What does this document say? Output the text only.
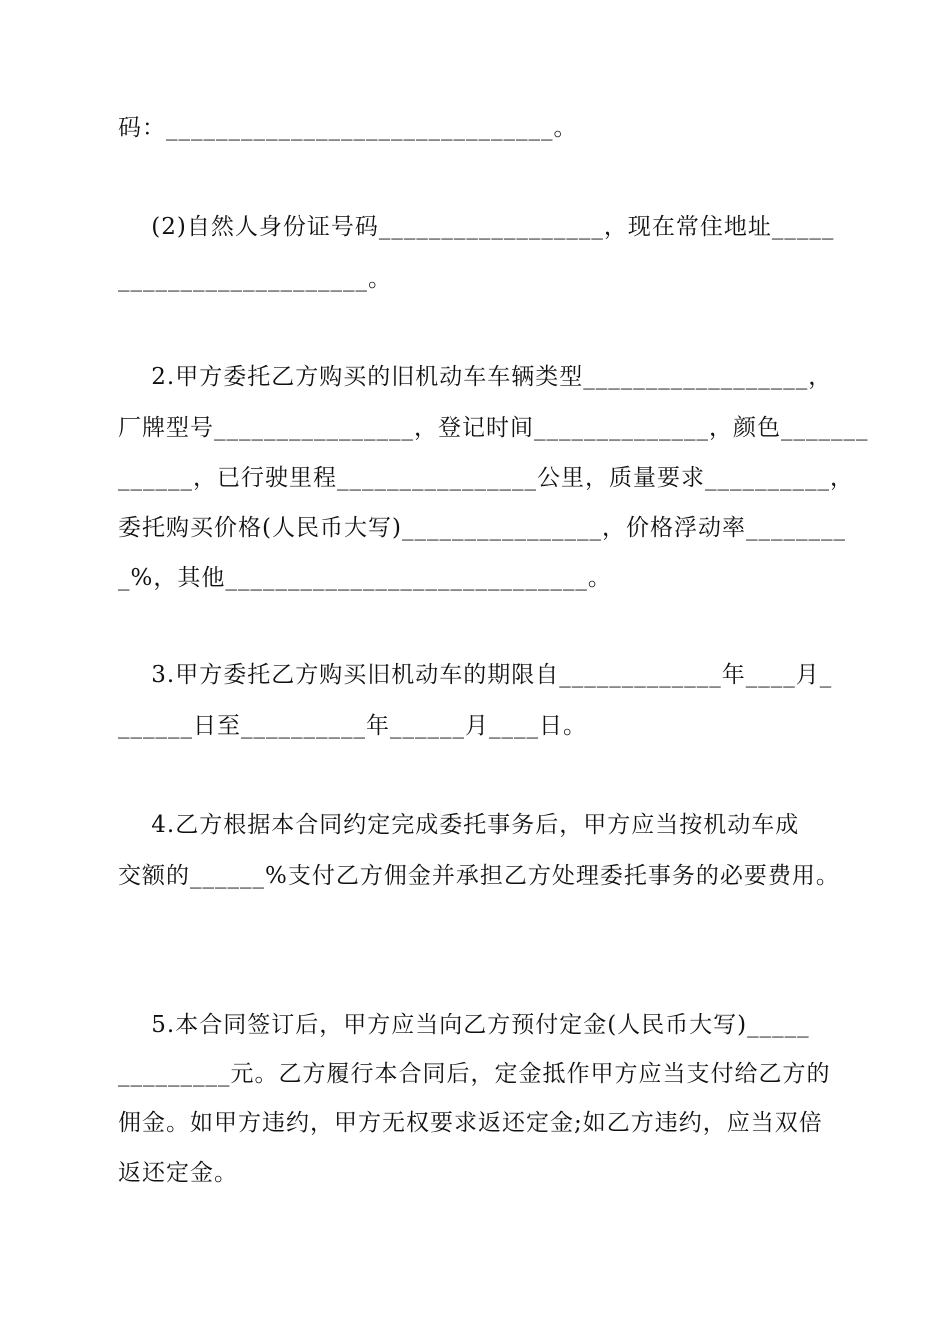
码：_______________________________。
(2)自然人身份证号码__________________，现在常住地址_____
____________________。
2.甲方委托乙方购买的旧机动车车辆类型__________________，
厂牌型号________________，登记时间______________，颜色_______
______，已行驶里程________________公里，质量要求__________，
委托购买价格(人民币大写)________________，价格浮动率________
_%，其他_____________________________。
3.甲方委托乙方购买旧机动车的期限自_____________年____月_
______日至__________年______月____日。
4.乙方根据本合同约定完成委托事务后，甲方应当按机动车成
交额的______%支付乙方佣金并承担乙方处理委托事务的必要费用。
5.本合同签订后，甲方应当向乙方预付定金(人民币大写)_____
_________元。乙方履行本合同后，定金抵作甲方应当支付给乙方的
佣金。如甲方违约，甲方无权要求返还定金;如乙方违约，应当双倍
返还定金。
